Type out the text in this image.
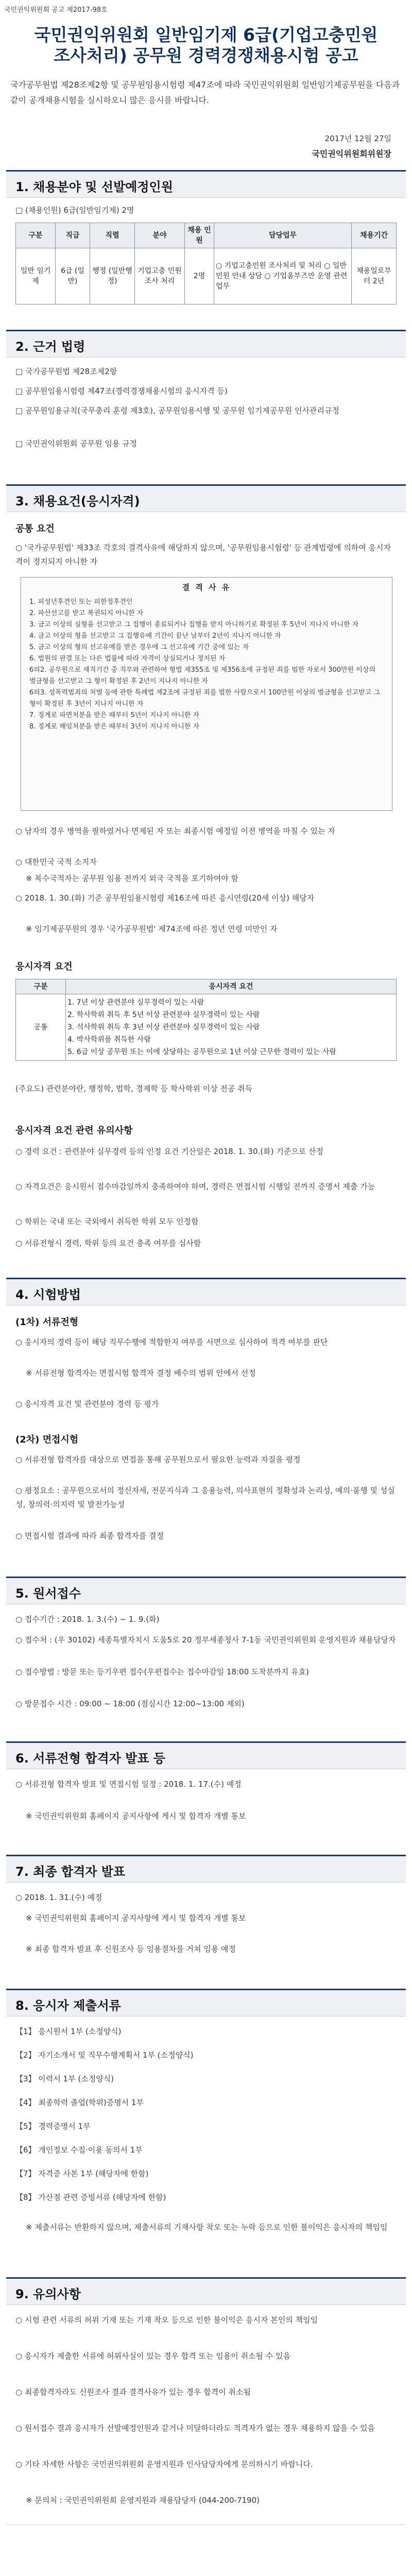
국민권익위원회 공고 제2017-98호
국민권익위원회 일반임기제 6급(기업고충민원
조사처리) 공무원 경력경쟁채용시험 공고
국가공무원법 제28조제2항 및 공무원임용시험령 제47조에 따라 국민권익위원회 일반임기제공무원을 다음과 같이 공개채용시험을 실시하오니 많은 응시를 바랍니다.
2017년 12월 27일
국민권익위원회위원장
1. 채용분야 및 선발예정인원
□ (채용인원) 6급(일반임기제) 2명
구분	직급	직렬	분야	채용 인원	담당업무	채용기간
일반 임기제	6급 (일반)	행정 (일반행정)	기업고충 민원조사 처리	2명	○ 기업고충민원 조사처리 및 처리 ○ 일반민원 안내 상담 ○ 기업옴부즈만 운영 관련 업무	채용일로부터 2년
2. 근거 법령
□ 국가공무원법 제28조제2항
□ 공무원임용시험령 제47조(경력경쟁채용시험의 응시자격 등)
□ 공무원임용규칙(국무총리 훈령 제3호), 공무원임용시행 및 공무원 임기제공무원 인사관리규정
□ 국민권익위원회 공무원 임용 규정
3. 채용요건(응시자격)
공통 요건
○ '국가공무원법' 제33조 각호의 결격사유에 해당하지 않으며, '공무원임용시험령' 등 관계법령에 의하여 응시자격이 정지되지 아니한 자
결 격 사 유
1. 피성년후견인 또는 피한정후견인
2. 파산선고를 받고 복권되지 아니한 자
3. 금고 이상의 실형을 선고받고 그 집행이 종료되거나 집행을 받지 아니하기로 확정된 후 5년이 지나지 아니한 자
4. 금고 이상의 형을 선고받고 그 집행유예 기간이 끝난 날부터 2년이 지나지 아니한 자
5. 금고 이상의 형의 선고유예를 받은 경우에 그 선고유예 기간 중에 있는 자
6. 법원의 판결 또는 다른 법률에 따라 자격이 상실되거나 정지된 자
6의2. 공무원으로 재직기간 중 직무와 관련하여 형법 제355조 및 제356조에 규정된 죄를 범한 자로서 300만원 이상의 벌금형을 선고받고 그 형이 확정된 후 2년이 지나지 아니한 자
6의3. 성폭력범죄의 처벌 등에 관한 특례법 제2조에 규정된 죄를 범한 사람으로서 100만원 이상의 벌금형을 선고받고 그 형이 확정된 후 3년이 지나지 아니한 자
7. 징계로 파면처분을 받은 때부터 5년이 지나지 아니한 자
8. 징계로 해임처분을 받은 때부터 3년이 지나지 아니한 자
○ 남자의 경우 병역을 필하였거나 면제된 자 또는 최종시험 예정일 이전 병역을 마칠 수 있는 자
○ 대한민국 국적 소지자
※ 복수국적자는 공무원 임용 전까지 외국 국적을 포기하여야 함
○ 2018. 1. 30.(화) 기준 공무원임용시험령 제16조에 따른 응시연령(20세 이상) 해당자
※ 임기제공무원의 경우 '국가공무원법' 제74조에 따른 정년 연령 미만인 자
응시자격 요건
구분	응시자격 요건
공통	1. 7년 이상 관련분야 실무경력이 있는 사람
2. 학사학위 취득 후 5년 이상 관련분야 실무경력이 있는 사람
3. 석사학위 취득 후 3년 이상 관련분야 실무경력이 있는 사람
4. 박사학위를 취득한 사람
5. 6급 이상 공무원 또는 이에 상당하는 공무원으로 1년 이상 근무한 경력이 있는 사람
(주요도) 관련분야란, 행정학, 법학, 경제학 등 학사학위 이상 전공 취득
응시자격 요건 관련 유의사항
○ 경력 요건 : 관련분야 실무경력 등의 인정 요건 기산일은 2018. 1. 30.(화) 기준으로 산정
○ 자격요건은 응시원서 접수마감일까지 충족하여야 하며, 경력은 면접시험 시행일 전까지 증명서 제출 가능
○ 학위는 국내 또는 국외에서 취득한 학위 모두 인정함
○ 서류전형시 경력, 학위 등의 요건 충족 여부를 심사함
4. 시험방법
(1차) 서류전형
○ 응시자의 경력 등이 해당 직무수행에 적합한지 여부를 서면으로 심사하여 적격 여부를 판단
※ 서류전형 합격자는 면접시험 합격자 결정 배수의 범위 안에서 선정
○ 응시자격 요건 및 관련분야 경력 등 평가
(2차) 면접시험
○ 서류전형 합격자를 대상으로 면접을 통해 공무원으로서 필요한 능력과 자질을 평정
○ 평정요소 : 공무원으로서의 정신자세, 전문지식과 그 응용능력, 의사표현의 정확성과 논리성, 예의·품행 및 성실성, 창의력·의지력 및 발전가능성
○ 면접시험 결과에 따라 최종 합격자를 결정
5. 원서접수
○ 접수기간 : 2018. 1. 3.(수) ~ 1. 9.(화)
○ 접수처 : (우 30102) 세종특별자치시 도움5로 20 정부세종청사 7-1동 국민권익위원회 운영지원과 채용담당자
○ 접수방법 : 방문 또는 등기우편 접수(우편접수는 접수마감일 18:00 도착분까지 유효)
○ 방문접수 시간 : 09:00 ~ 18:00 (점심시간 12:00~13:00 제외)
6. 서류전형 합격자 발표 등
○ 서류전형 합격자 발표 및 면접시험 일정 : 2018. 1. 17.(수) 예정
※ 국민권익위원회 홈페이지 공지사항에 게시 및 합격자 개별 통보
7. 최종 합격자 발표
○ 2018. 1. 31.(수) 예정
※ 국민권익위원회 홈페이지 공지사항에 게시 및 합격자 개별 통보
※ 최종 합격자 발표 후 신원조사 등 임용절차를 거쳐 임용 예정
8. 응시자 제출서류
【1】 응시원서 1부 (소정양식)
【2】 자기소개서 및 직무수행계획서 1부 (소정양식)
【3】 이력서 1부 (소정양식)
【4】 최종학력 졸업(학위)증명서 1부
【5】 경력증명서 1부
【6】 개인정보 수집·이용 동의서 1부
【7】 자격증 사본 1부 (해당자에 한함)
【8】 가산점 관련 증빙서류 (해당자에 한함)
※ 제출서류는 반환하지 않으며, 제출서류의 기재사항 착오 또는 누락 등으로 인한 불이익은 응시자의 책임임
9. 유의사항
○ 시험 관련 서류의 허위 기재 또는 기재 착오 등으로 인한 불이익은 응시자 본인의 책임임
○ 응시자가 제출한 서류에 허위사실이 있는 경우 합격 또는 임용이 취소될 수 있음
○ 최종합격자라도 신원조사 결과 결격사유가 있는 경우 합격이 취소됨
○ 원서접수 결과 응시자가 선발예정인원과 같거나 미달하더라도 적격자가 없는 경우 채용하지 않을 수 있음
○ 기타 자세한 사항은 국민권익위원회 운영지원과 인사담당자에게 문의하시기 바랍니다.
※ 문의처 : 국민권익위원회 운영지원과 채용담당자 (044-200-7190)
